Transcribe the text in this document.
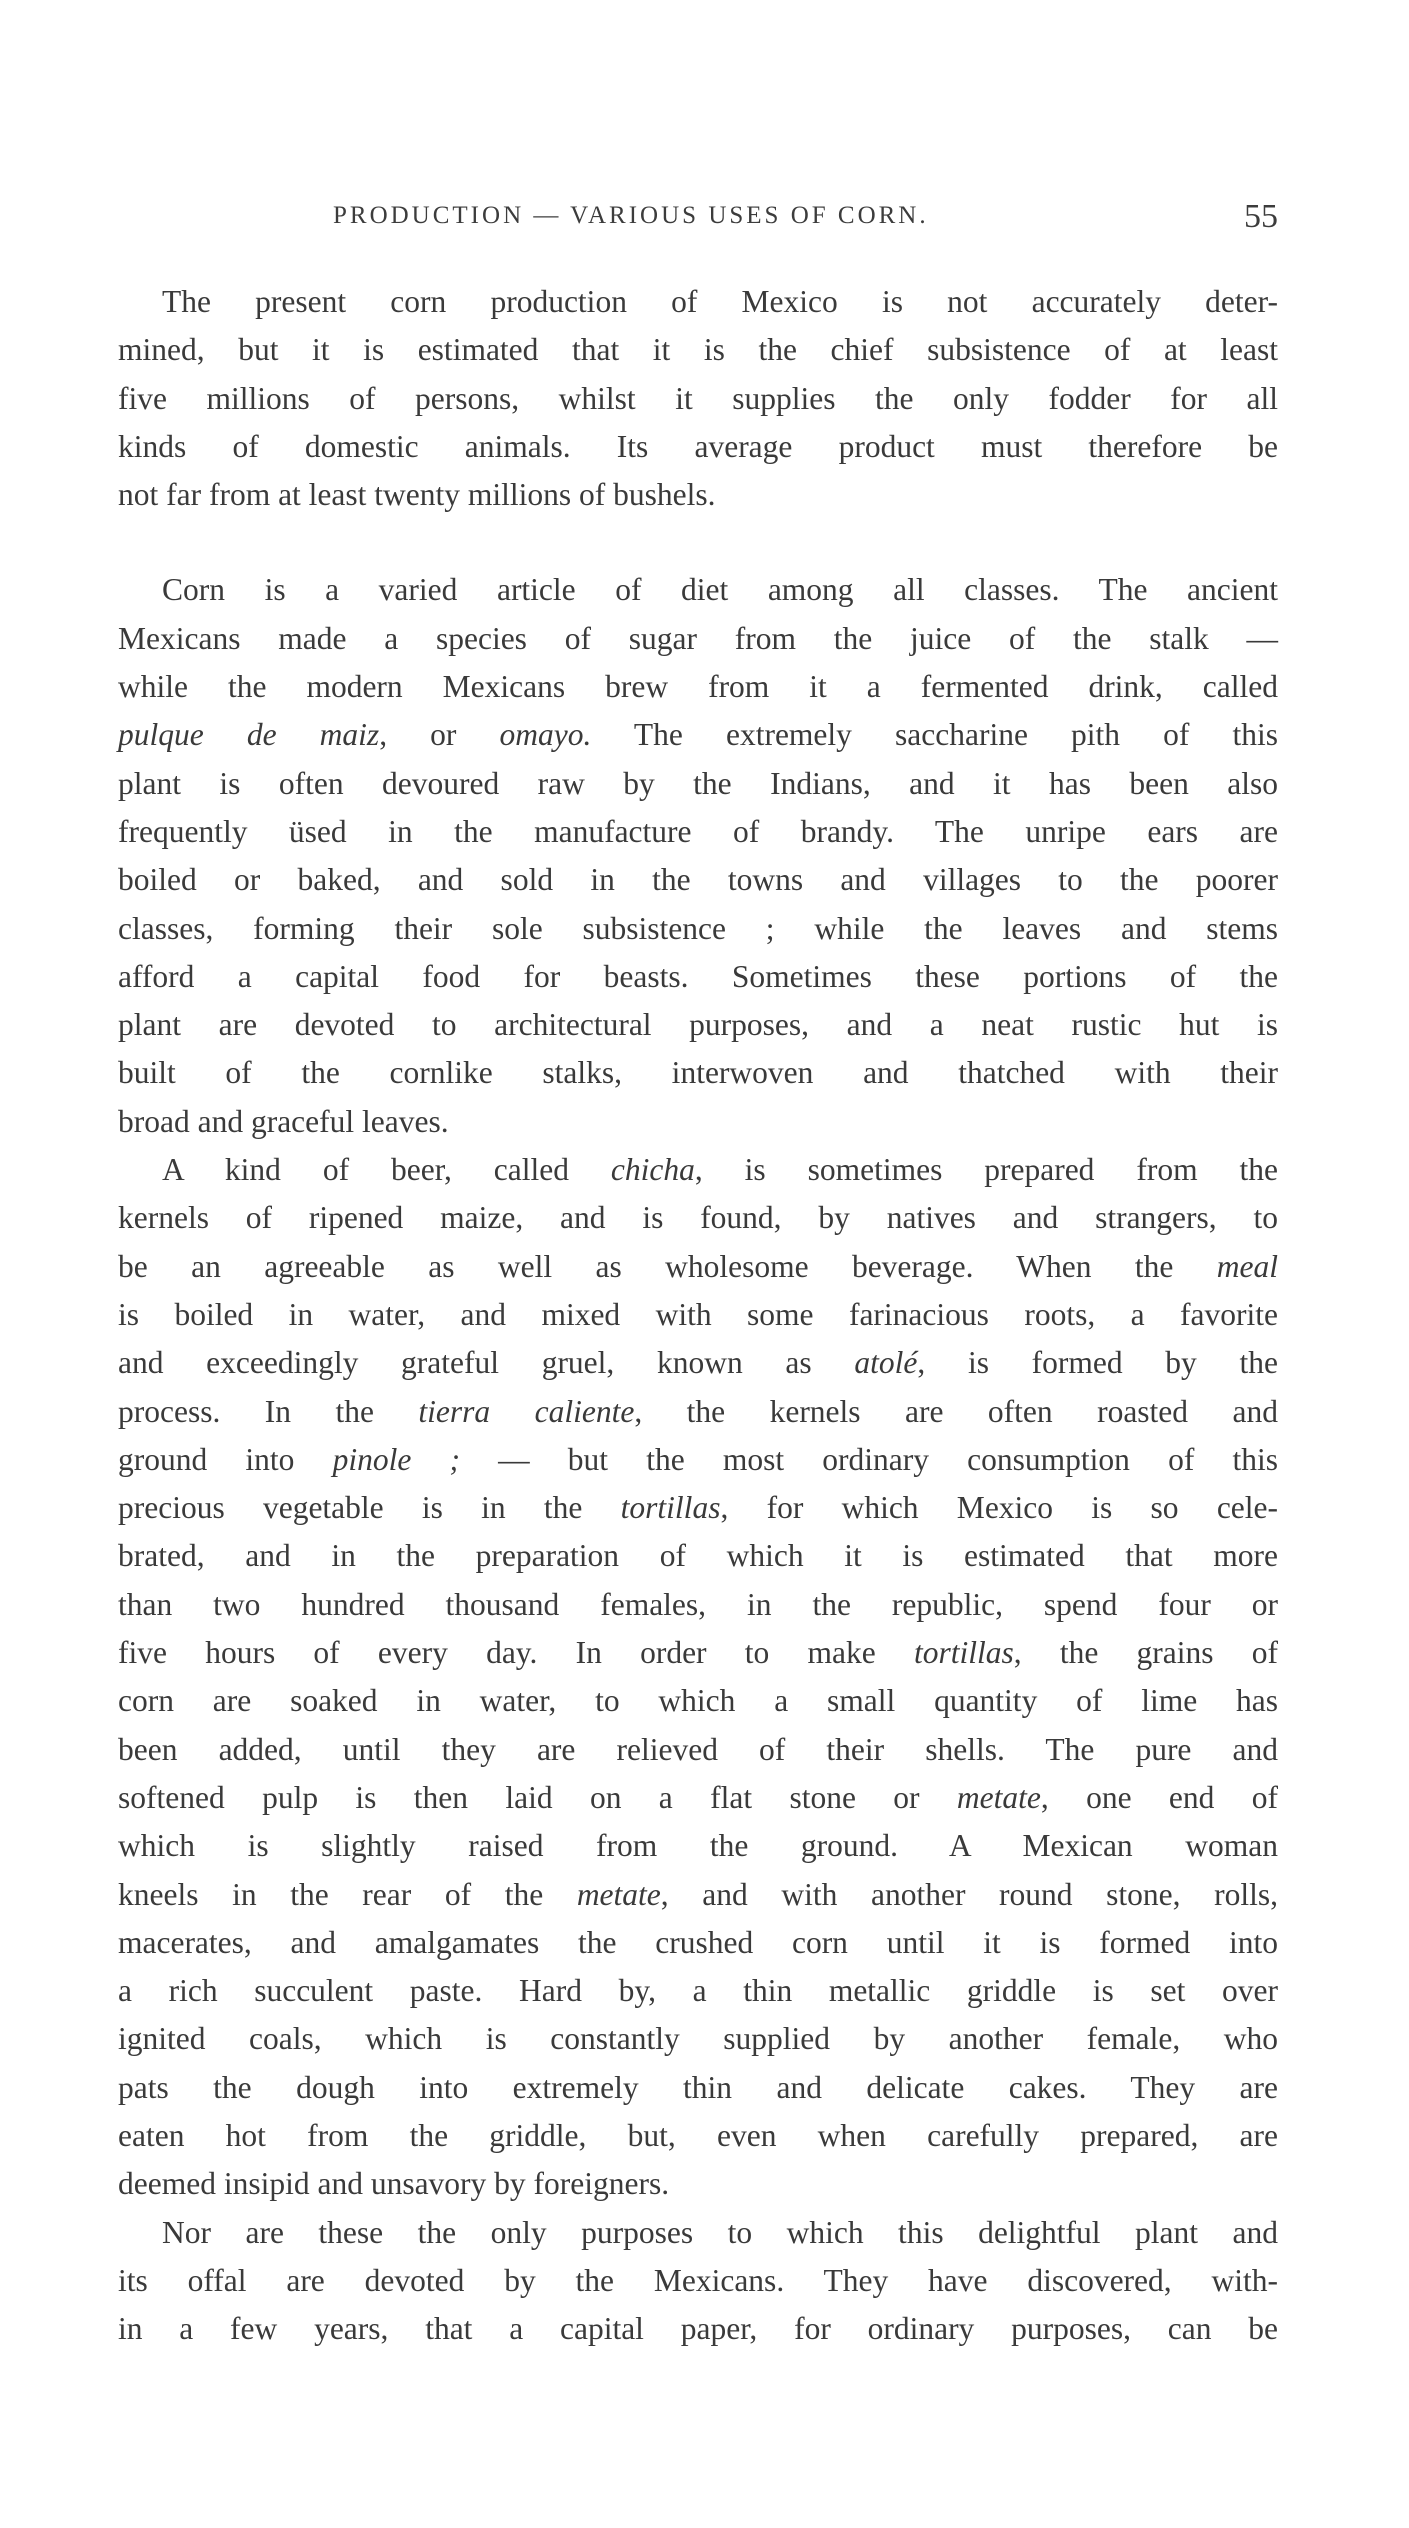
PRODUCTION — VARIOUS USES OF CORN.	55
The present corn production of Mexico is not accurately deter-
mined, but it is estimated that it is the chief subsistence of at least
five millions of persons, whilst it supplies the only fodder for all
kinds of domestic animals. Its average product must therefore be
not far from at least twenty millions of bushels.
Corn is a varied article of diet among all classes. The ancient
Mexicans made a species of sugar from the juice of the stalk —
while the modern Mexicans brew from it a fermented drink, called
pulque de maiz, or omayo. The extremely saccharine pith of this
plant is often devoured raw by the Indians, and it has been also
frequently üsed in the manufacture of brandy. The unripe ears are
boiled or baked, and sold in the towns and villages to the poorer
classes, forming their sole subsistence ; while the leaves and stems
afford a capital food for beasts. Sometimes these portions of the
plant are devoted to architectural purposes, and a neat rustic hut is
built of the cornlike stalks, interwoven and thatched with their
broad and graceful leaves.
A kind of beer, called chicha, is sometimes prepared from the
kernels of ripened maize, and is found, by natives and strangers, to
be an agreeable as well as wholesome beverage. When the meal
is boiled in water, and mixed with some farinacious roots, a favorite
and exceedingly grateful gruel, known as atolé, is formed by the
process. In the tierra caliente, the kernels are often roasted and
ground into pinole ; — but the most ordinary consumption of this
precious vegetable is in the tortillas, for which Mexico is so cele-
brated, and in the preparation of which it is estimated that more
than two hundred thousand females, in the republic, spend four or
five hours of every day. In order to make tortillas, the grains of
corn are soaked in water, to which a small quantity of lime has
been added, until they are relieved of their shells. The pure and
softened pulp is then laid on a flat stone or metate, one end of
which is slightly raised from the ground. A Mexican woman
kneels in the rear of the metate, and with another round stone, rolls,
macerates, and amalgamates the crushed corn until it is formed into
a rich succulent paste. Hard by, a thin metallic griddle is set over
ignited coals, which is constantly supplied by another female, who
pats the dough into extremely thin and delicate cakes. They are
eaten hot from the griddle, but, even when carefully prepared, are
deemed insipid and unsavory by foreigners.
Nor are these the only purposes to which this delightful plant and
its offal are devoted by the Mexicans. They have discovered, with-
in a few years, that a capital paper, for ordinary purposes, can be
